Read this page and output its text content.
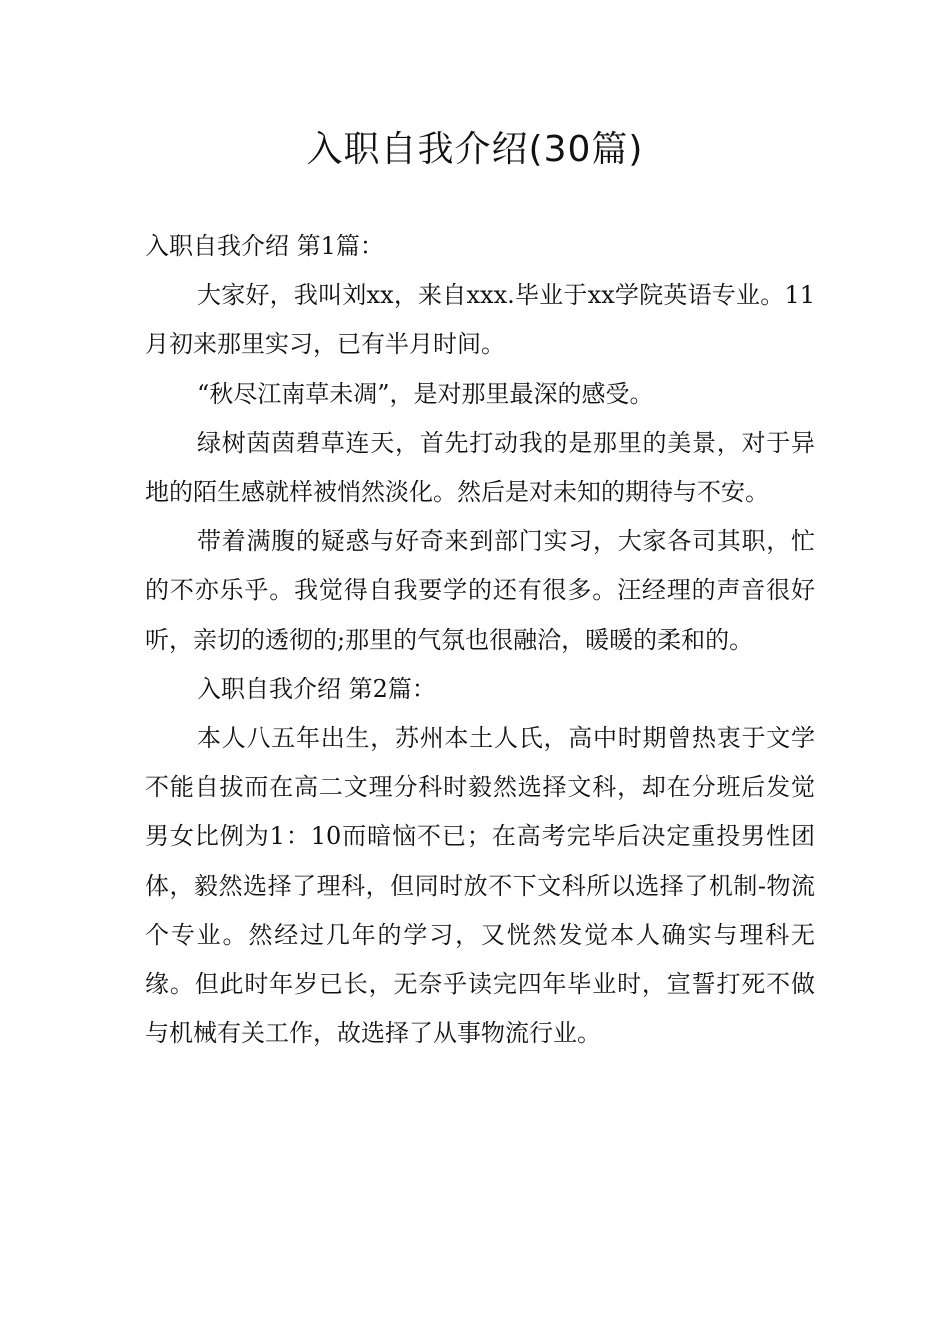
入职自我介绍(30篇)

入职自我介绍 第1篇：

大家好，我叫刘xx，来自xxx.毕业于xx学院英语专业。11月初来那里实习，已有半月时间。

“秋尽江南草未凋”，是对那里最深的感受。

绿树茵茵碧草连天，首先打动我的是那里的美景，对于异地的陌生感就样被悄然淡化。然后是对未知的期待与不安。

带着满腹的疑惑与好奇来到部门实习，大家各司其职，忙的不亦乐乎。我觉得自我要学的还有很多。汪经理的声音很好听，亲切的透彻的;那里的气氛也很融洽，暖暖的柔和的。

入职自我介绍 第2篇：

本人八五年出生，苏州本土人氏，高中时期曾热衷于文学不能自拔而在高二文理分科时毅然选择文科，却在分班后发觉男女比例为1：10而暗恼不已；在高考完毕后决定重投男性团体，毅然选择了理科，但同时放不下文科所以选择了机制-物流个专业。然经过几年的学习，又恍然发觉本人确实与理科无缘。但此时年岁已长，无奈乎读完四年毕业时，宣誓打死不做与机械有关工作，故选择了从事物流行业。
